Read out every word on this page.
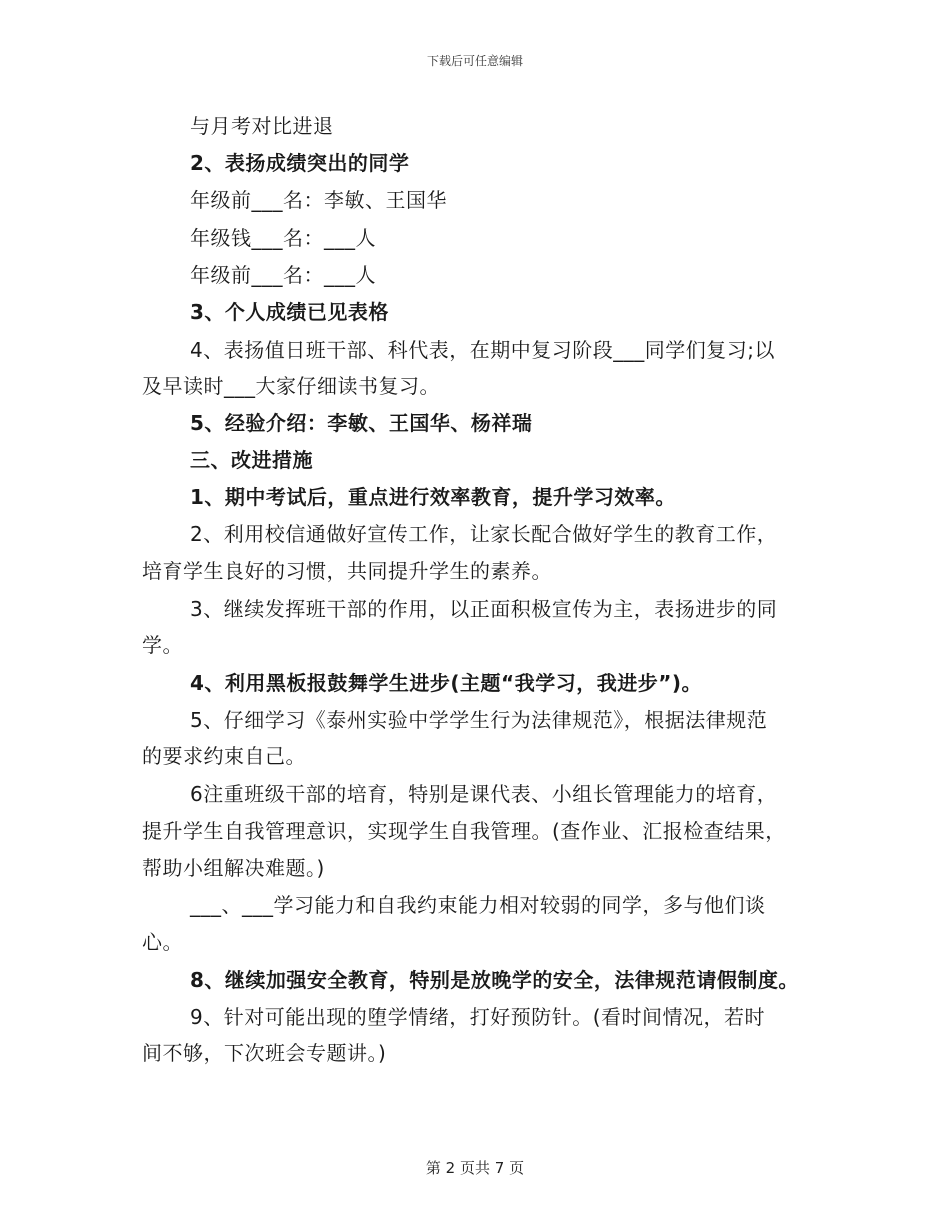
下载后可任意编辑
与月考对比进退
2、表扬成绩突出的同学
年级前___名：李敏、王国华
年级钱___名：___人
年级前___名：___人
3、个人成绩已见表格
4、表扬值日班干部、科代表，在期中复习阶段___同学们复习;以
及早读时___大家仔细读书复习。
5、经验介绍：李敏、王国华、杨祥瑞
三、改进措施
1、期中考试后，重点进行效率教育，提升学习效率。
2、利用校信通做好宣传工作，让家长配合做好学生的教育工作，
培育学生良好的习惯，共同提升学生的素养。
3、继续发挥班干部的作用，以正面积极宣传为主，表扬进步的同
学。
4、利用黑板报鼓舞学生进步(主题“我学习，我进步”)。
5、仔细学习《泰州实验中学学生行为法律规范》，根据法律规范
的要求约束自己。
6注重班级干部的培育，特别是课代表、小组长管理能力的培育，
提升学生自我管理意识，实现学生自我管理。(查作业、汇报检查结果，
帮助小组解决难题。)
___、___学习能力和自我约束能力相对较弱的同学，多与他们谈
心。
8、继续加强安全教育，特别是放晚学的安全，法律规范请假制度。
9、针对可能出现的堕学情绪，打好预防针。(看时间情况，若时
间不够，下次班会专题讲。)
第 2 页共 7 页
